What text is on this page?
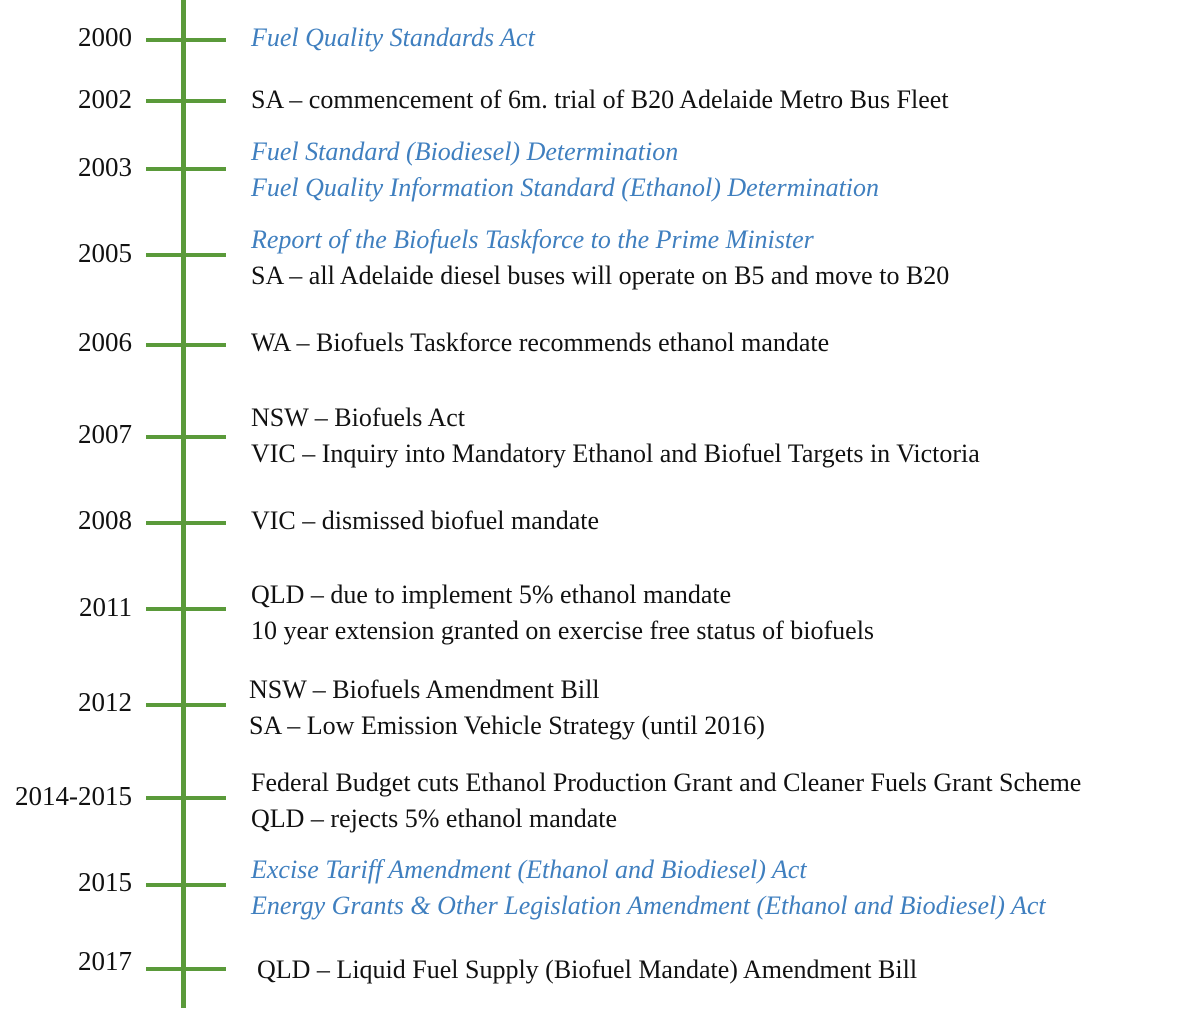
2000	Fuel Quality Standards Act
2002	SA – commencement of 6m. trial of B20 Adelaide Metro Bus Fleet
2003
Fuel Standard (Biodiesel) Determination
Fuel Quality Information Standard (Ethanol) Determination
2005	Report of the Biofuels Taskforce to the Prime Minister
SA – all Adelaide diesel buses will operate on B5 and move to B20
2006	WA – Biofuels Taskforce recommends ethanol mandate
2007
NSW – Biofuels Act
VIC – Inquiry into Mandatory Ethanol and Biofuel Targets in Victoria
2008	VIC – dismissed biofuel mandate
2011	QLD – due to implement 5% ethanol mandate
10 year extension granted on exercise free status of biofuels
2012	NSW – Biofuels Amendment Bill
SA – Low Emission Vehicle Strategy (until 2016)
2014-2015	Federal Budget cuts Ethanol Production Grant and Cleaner Fuels Grant Scheme
QLD – rejects 5% ethanol mandate
2015	Excise Tariff Amendment (Ethanol and Biodiesel) Act
Energy Grants & Other Legislation Amendment (Ethanol and Biodiesel) Act
2017	QLD – Liquid Fuel Supply (Biofuel Mandate) Amendment Bill
